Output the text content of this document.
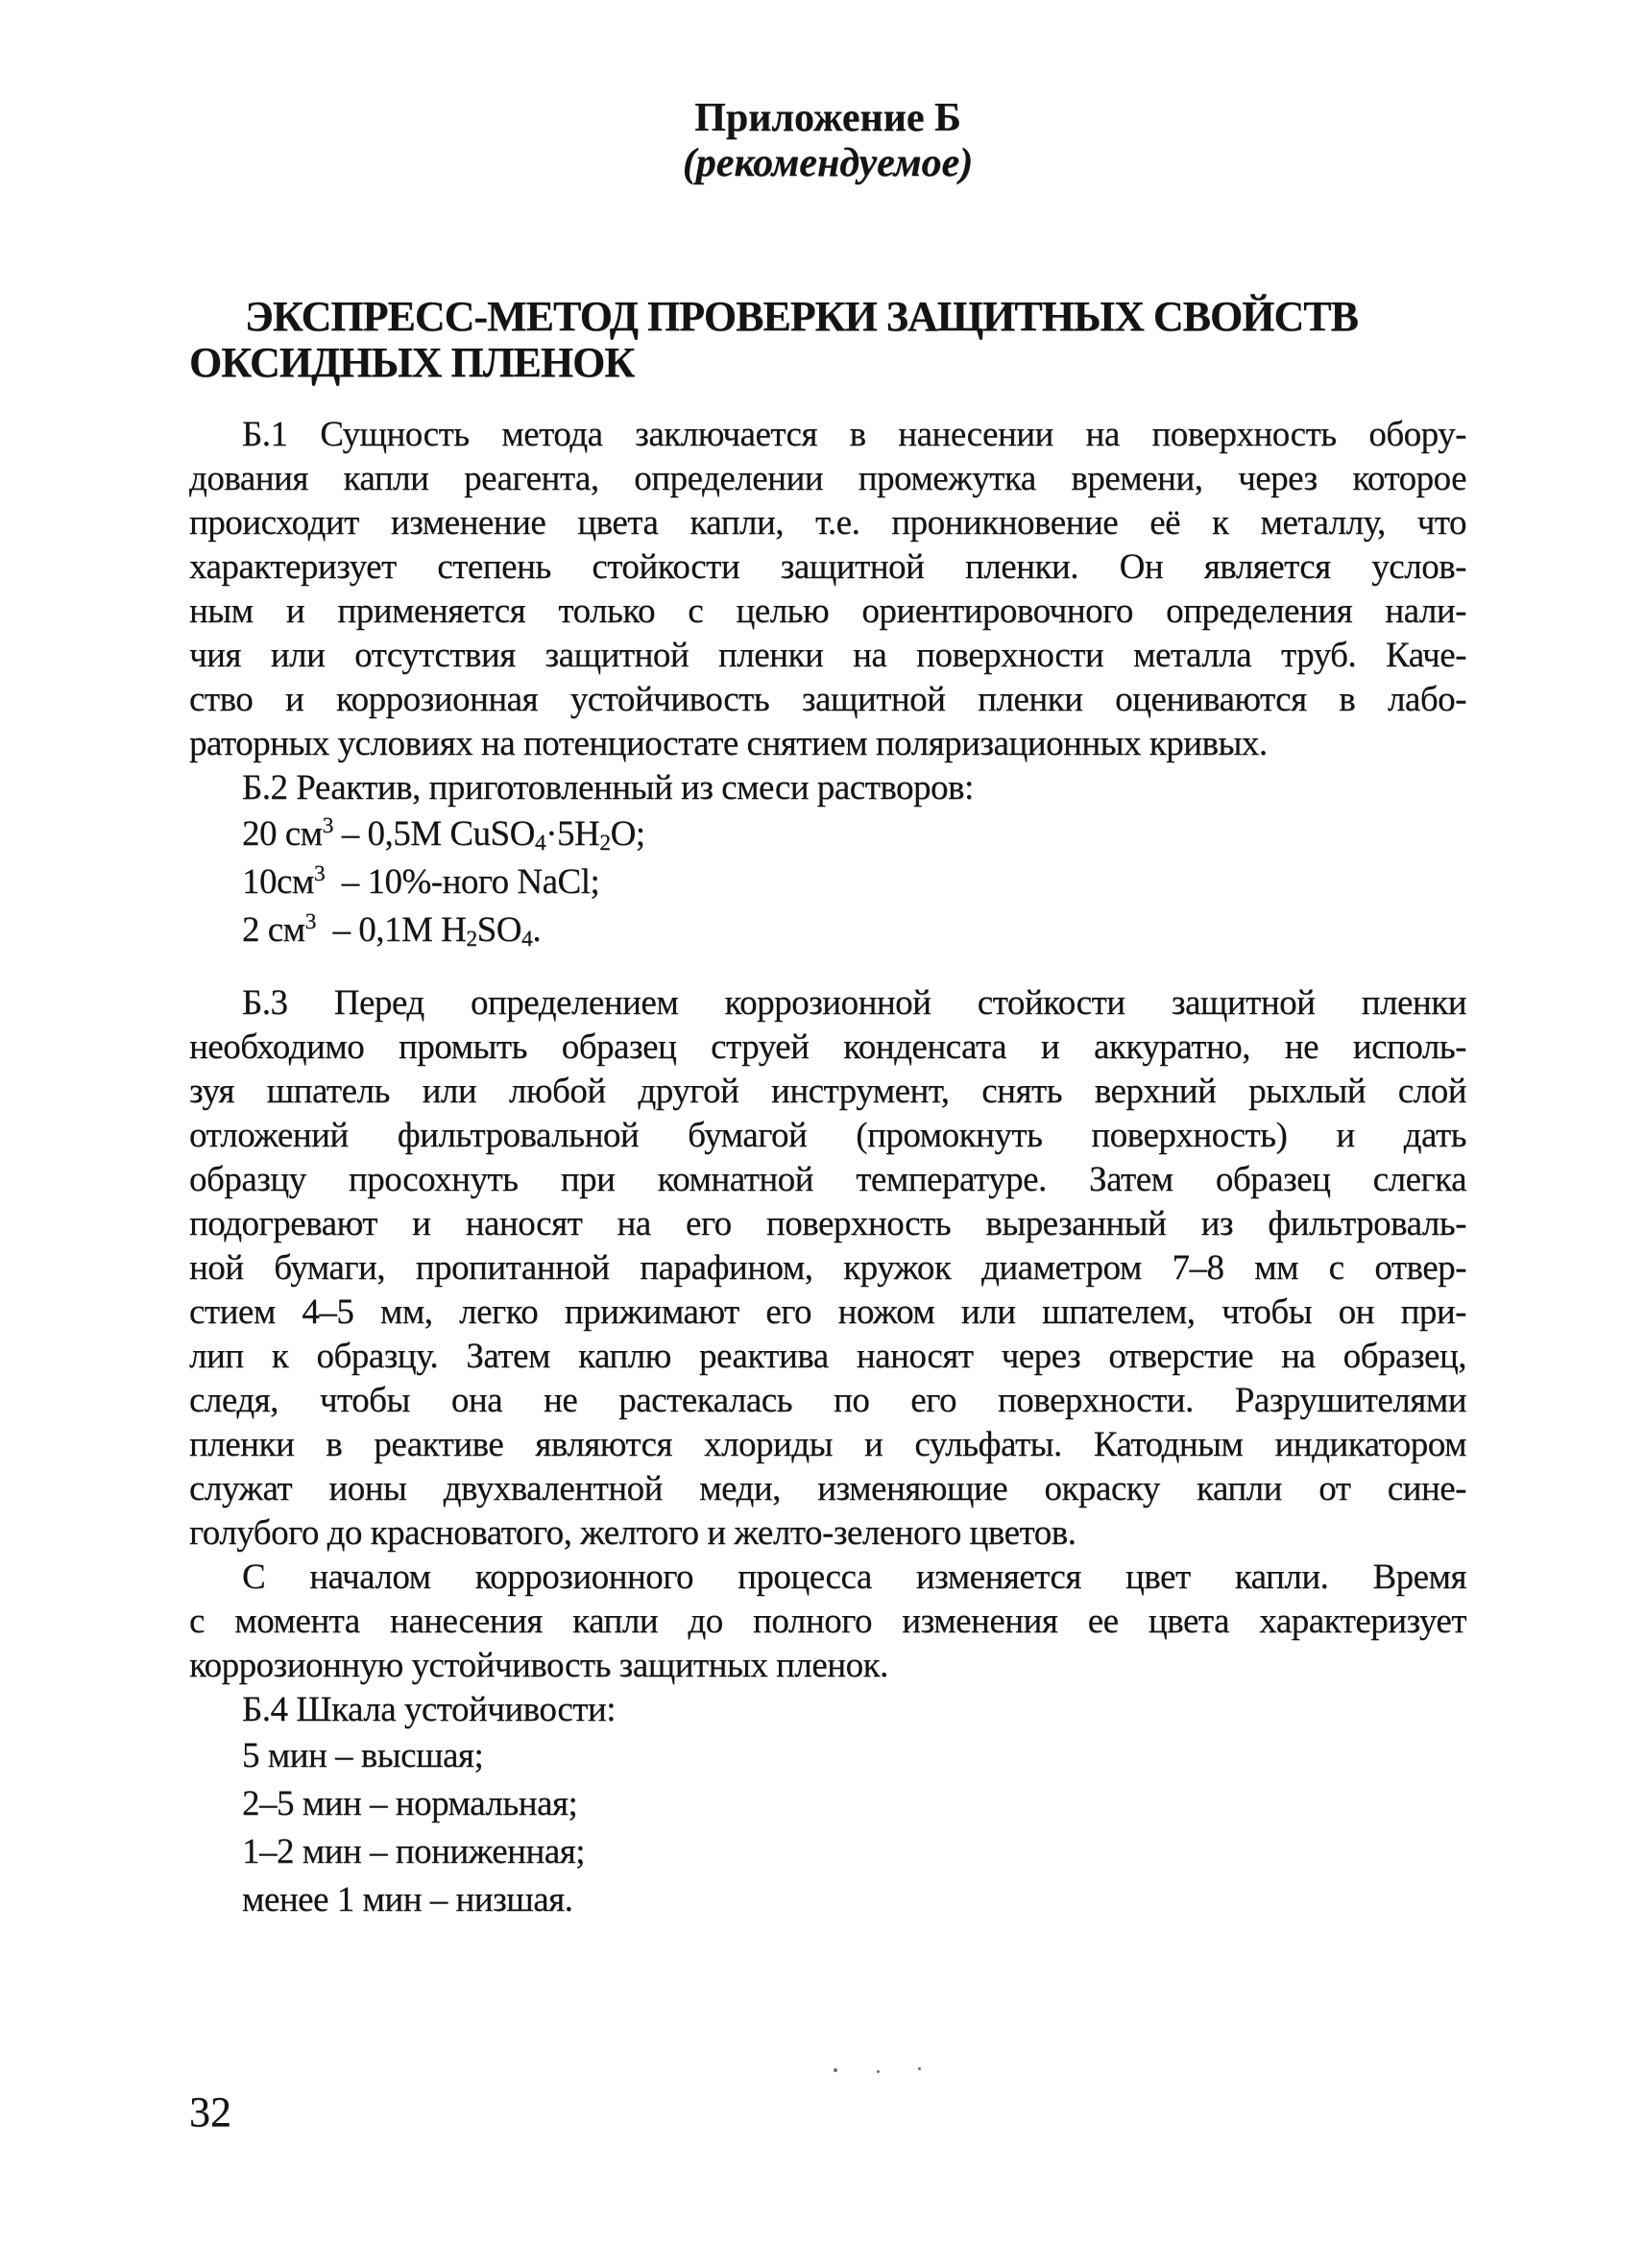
Приложение Б
(рекомендуемое)
ЭКСПРЕСС-МЕТОД ПРОВЕРКИ ЗАЩИТНЫХ СВОЙСТВ
ОКСИДНЫХ ПЛЕНОК
Б.1 Сущность метода заключается в нанесении на поверхность обору-
дования капли реагента, определении промежутка времени, через которое
происходит изменение цвета капли, т.е. проникновение её к металлу, что
характеризует степень стойкости защитной пленки. Он является услов-
ным и применяется только с целью ориентировочного определения нали-
чия или отсутствия защитной пленки на поверхности металла труб. Каче-
ство и коррозионная устойчивость защитной пленки оцениваются в лабо-
раторных условиях на потенциостате снятием поляризационных кривых.
Б.2 Реактив, приготовленный из смеси растворов:
20 $см^3 - 0,5М$ $CuSO_4\cdot 5H_2O$;
$10см^3$  – 10%-ного NaCl;
2 $см^3 - 0,1М$ $H_2SO_4$.
Б.3 Перед определением коррозионной стойкости защитной пленки
необходимо промыть образец струей конденсата и аккуратно, не исполь-
зуя шпатель или любой другой инструмент, снять верхний рыхлый слой
отложений фильтровальной бумагой (промокнуть поверхность) и дать
образцу просохнуть при комнатной температуре. Затем образец слегка
подогревают и наносят на его поверхность вырезанный из фильтроваль-
ной бумаги, пропитанной парафином, кружок диаметром 7–8 мм с отвер-
стием 4–5 мм, легко прижимают его ножом или шпателем, чтобы он при-
лип к образцу. Затем каплю реактива наносят через отверстие на образец,
следя, чтобы она не растекалась по его поверхности. Разрушителями
пленки в реактиве являются хлориды и сульфаты. Катодным индикатором
служат ионы двухвалентной меди, изменяющие окраску капли от сине-
голубого до красноватого, желтого и желто-зеленого цветов.
С началом коррозионного процесса изменяется цвет капли. Время
с момента нанесения капли до полного изменения ее цвета характеризует
коррозионную устойчивость защитных пленок.
Б.4 Шкала устойчивости:
5 мин – высшая;
2–5 мин – нормальная;
1–2 мин – пониженная;
менее 1 мин – низшая.
32
